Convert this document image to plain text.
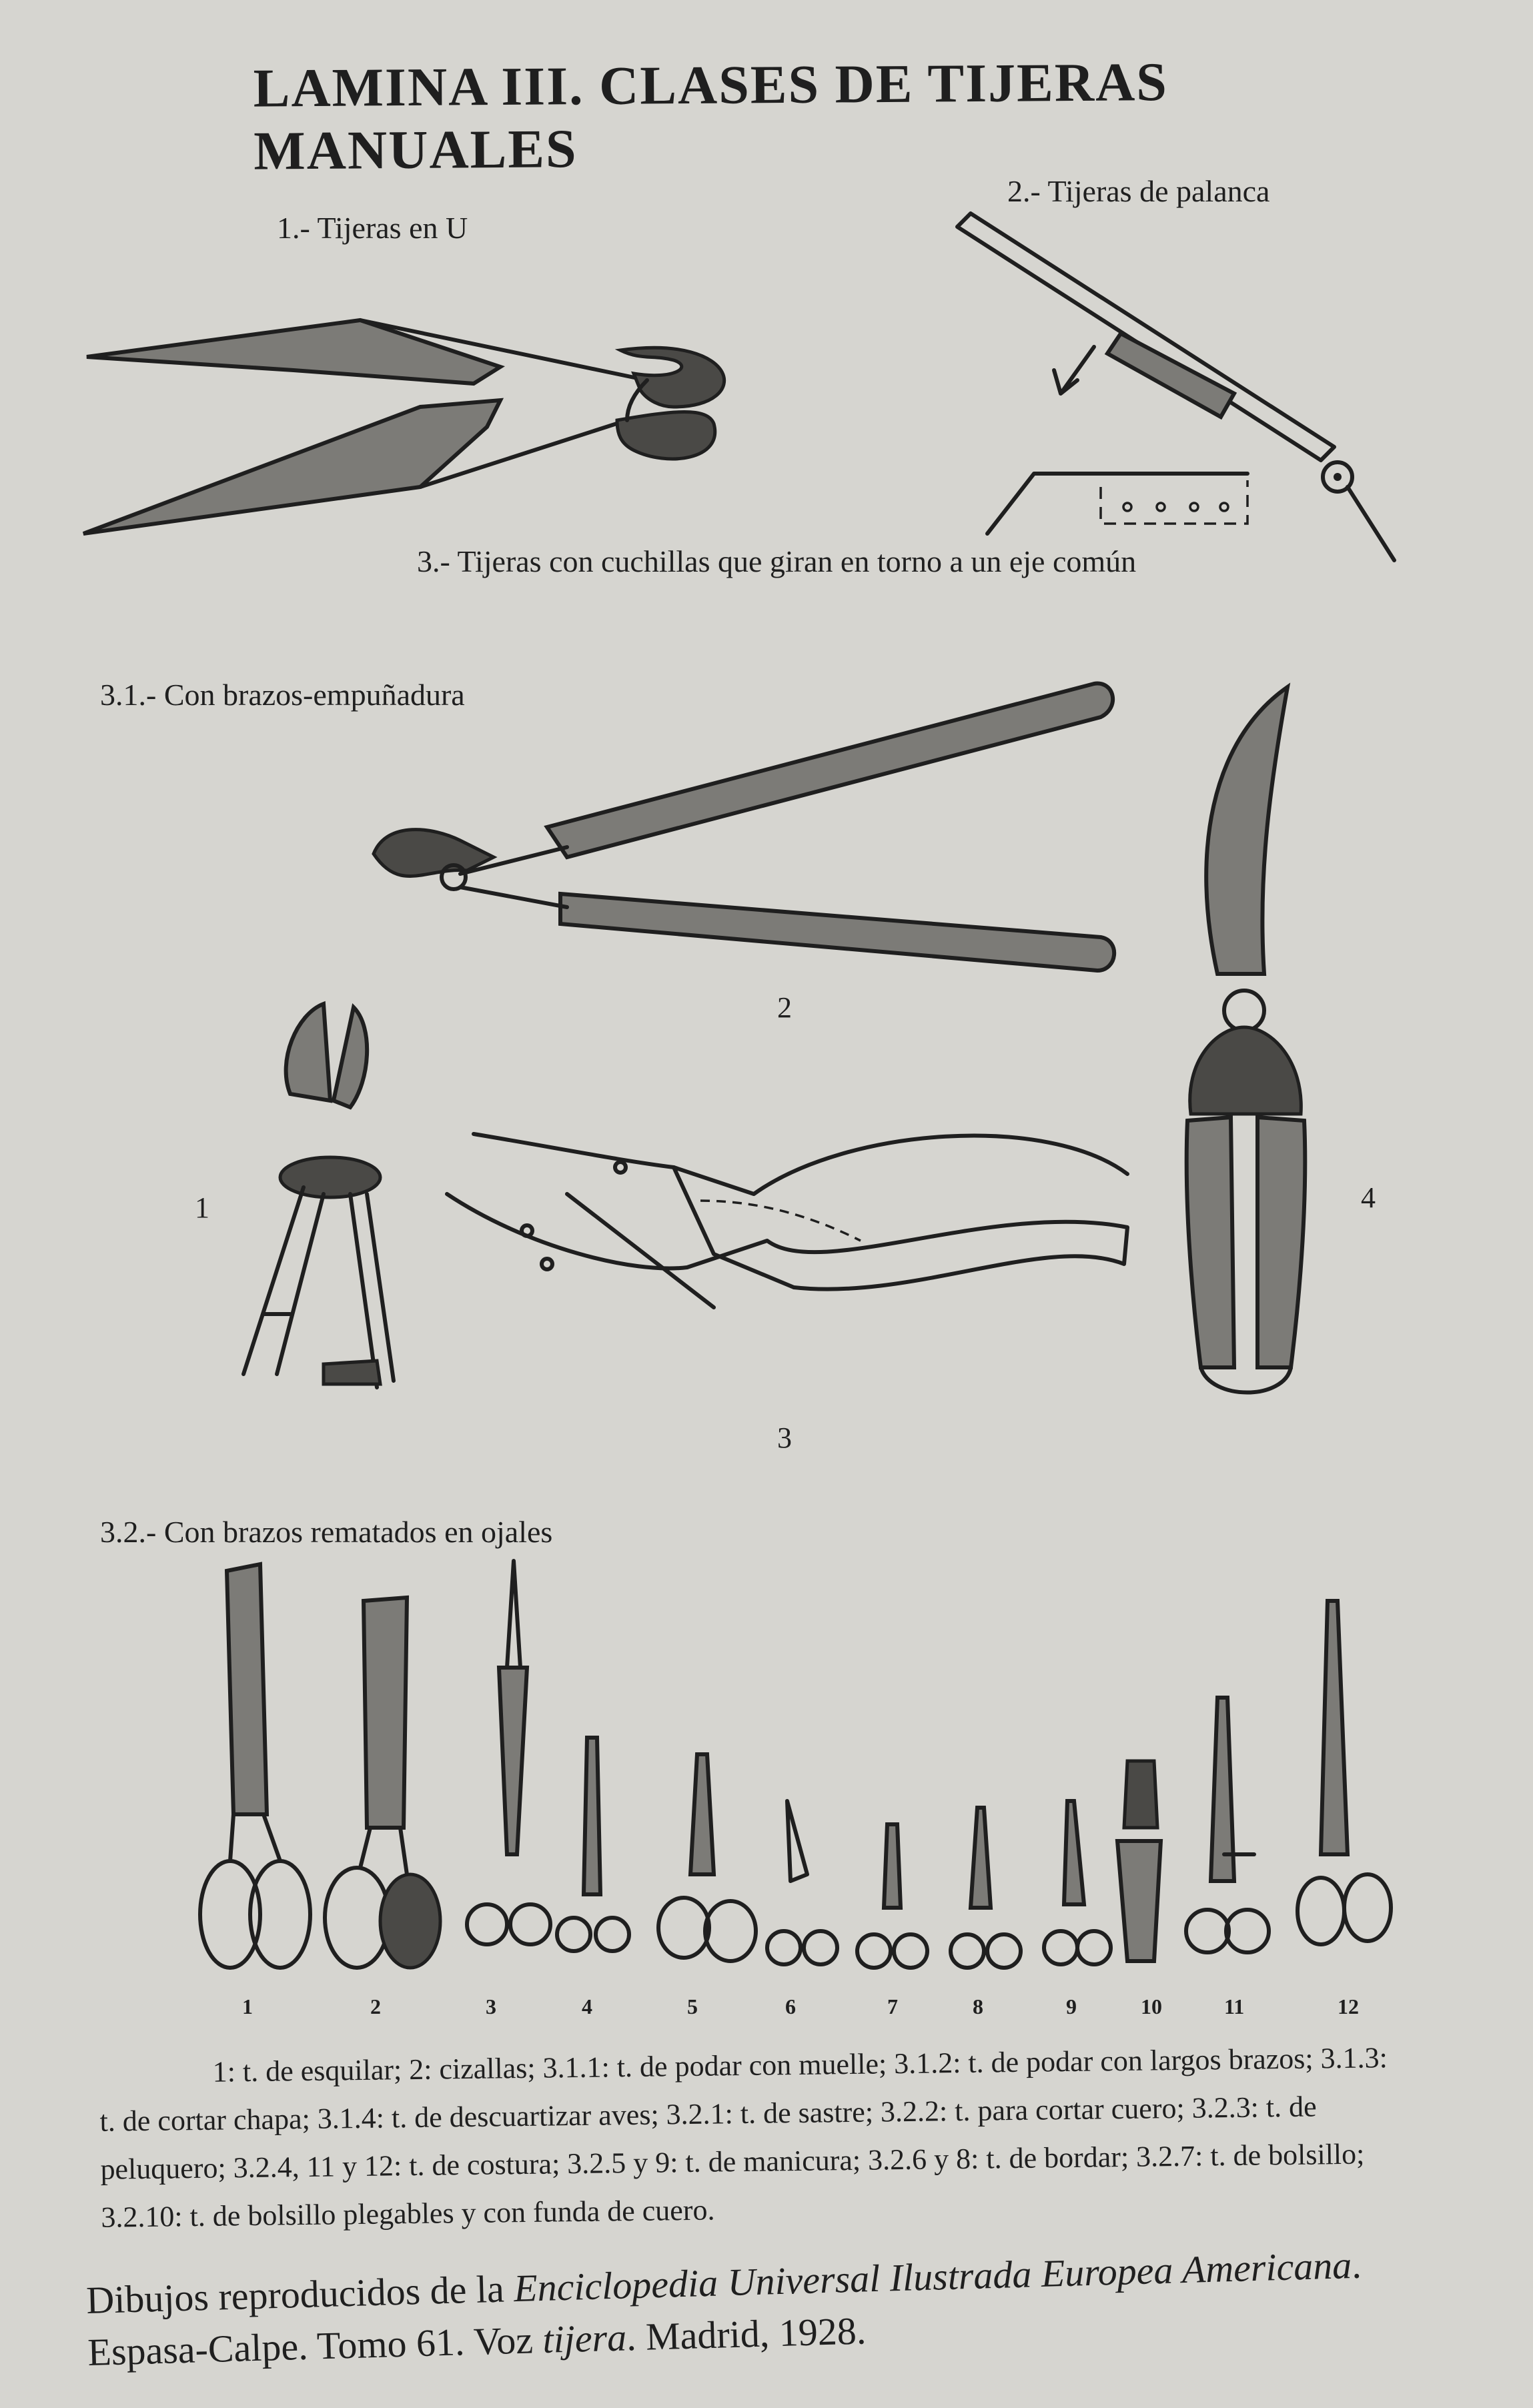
LAMINA III. CLASES DE TIJERAS MANUALES
1.- Tijeras en U
2.- Tijeras de palanca
3.- Tijeras con cuchillas que giran en torno a un eje común
3.1.- Con brazos-empuñadura
3.2.- Con brazos rematados en ojales
2
1
3
4
1	2	3	4	5	6	7	8	9	10	11	12
1: t. de esquilar; 2: cizallas; 3.1.1: t. de podar con muelle; 3.1.2: t. de podar con largos brazos; 3.1.3:
t. de cortar chapa; 3.1.4: t. de descuartizar aves; 3.2.1: t. de sastre; 3.2.2: t. para cortar cuero; 3.2.3: t. de
peluquero; 3.2.4, 11 y 12: t. de costura; 3.2.5 y 9: t. de manicura; 3.2.6 y 8: t. de bordar; 3.2.7: t. de bolsillo;
3.2.10: t. de bolsillo plegables y con funda de cuero.
Dibujos reproducidos de la Enciclopedia Universal Ilustrada Europea Americana.
Espasa-Calpe. Tomo 61. Voz tijera. Madrid, 1928.
